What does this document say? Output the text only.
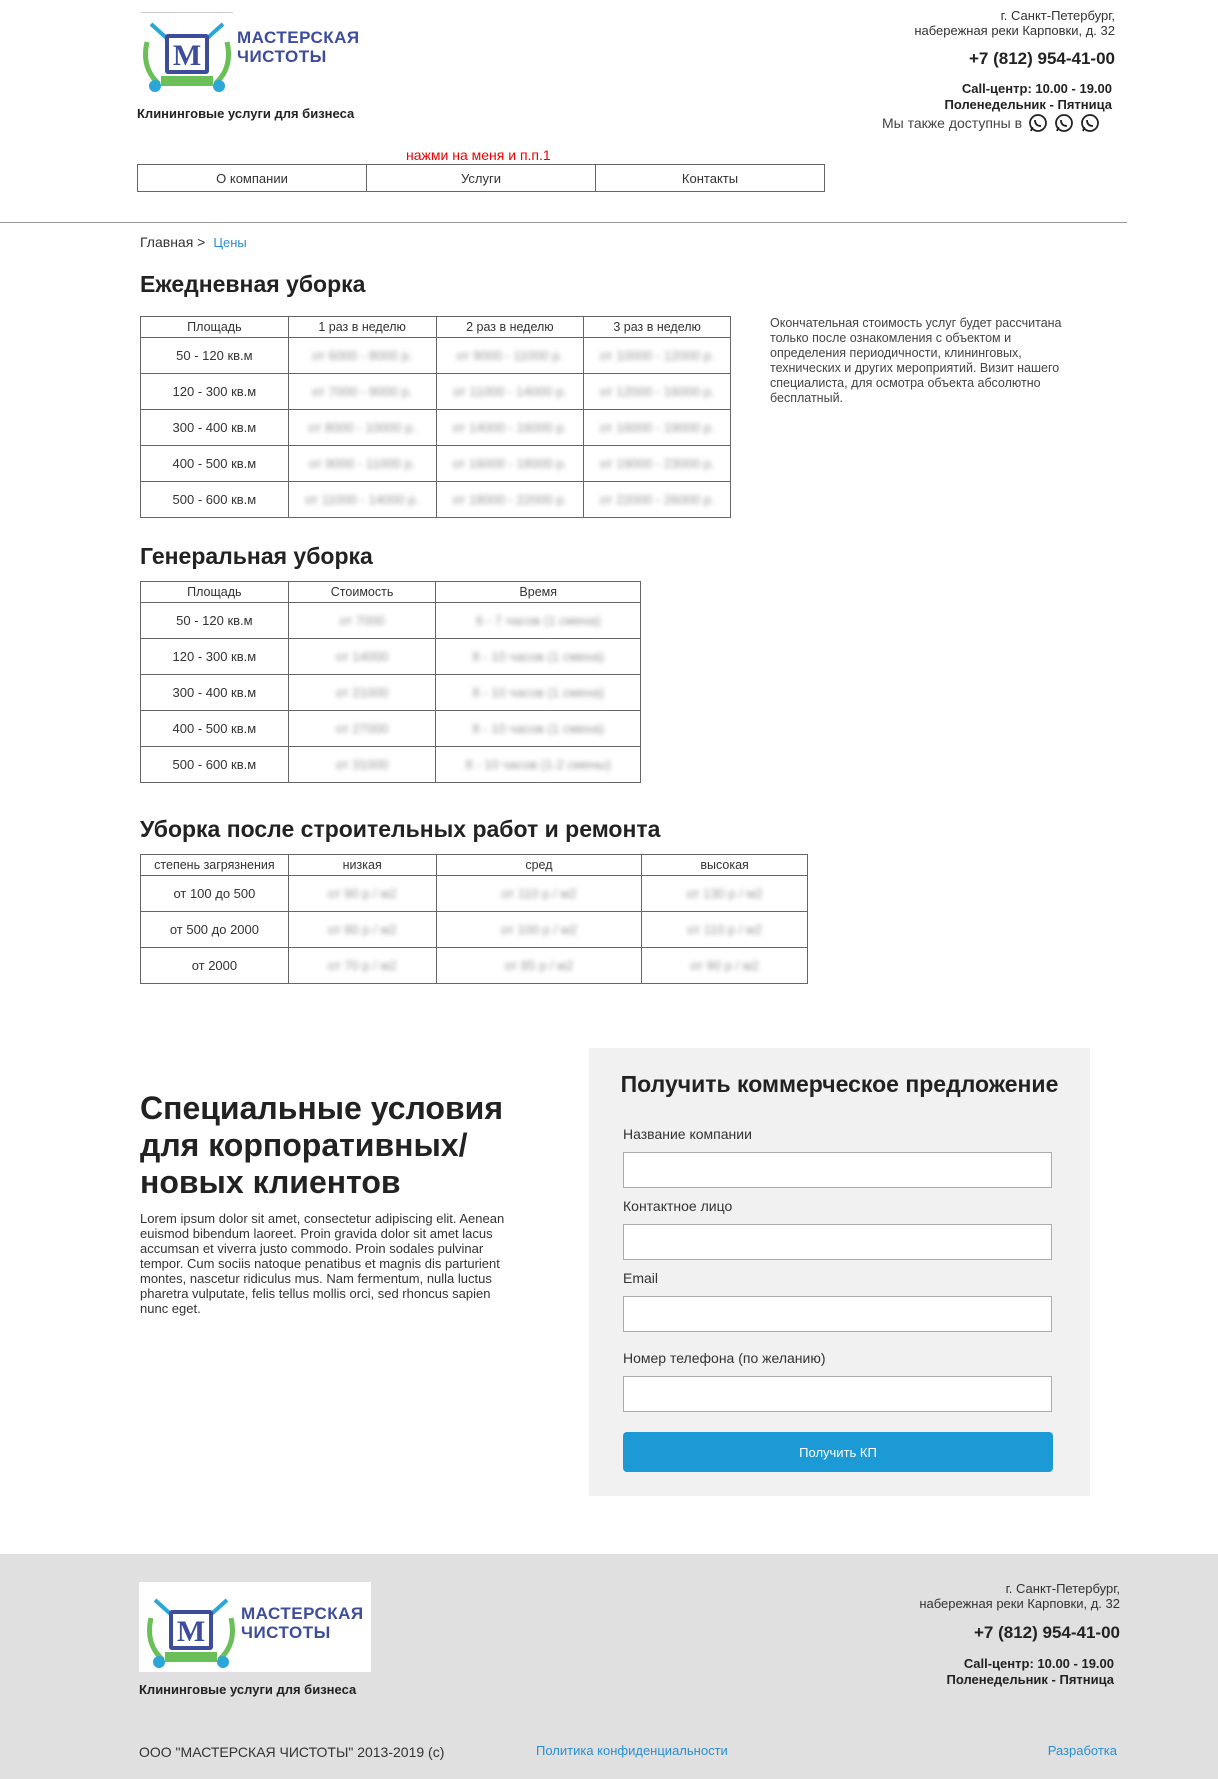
M
МАСТЕРСКАЯ
ЧИСТОТЫ
Клининговые услуги для бизнеса
г. Санкт-Петербург,
набережная реки Карповки, д. 32
+7 (812) 954-41-00
Call-центр: 10.00 - 19.00
Поленедельник - Пятница
Мы также доступны в
нажми на меня и п.п.1
О компании	Услуги	Контакты
Главная > Цены
Ежедневная уборка
Площадь	1 раз в неделю	2 раз в неделю	3 раз в неделю
50 - 120 кв.м	от 6000 - 8000 р.	от 9000 - 11000 р.	от 10000 - 12000 р.
120 - 300 кв.м	от 7000 - 9000 р.	от 11000 - 14000 р.	от 12000 - 16000 р.
300 - 400 кв.м	от 8000 - 10000 р.	от 14000 - 16000 р.	от 16000 - 19000 р.
400 - 500 кв.м	от 9000 - 11000 р.	от 16000 - 18000 р.	от 19000 - 23000 р.
500 - 600 кв.м	от 11000 - 14000 р.	от 18000 - 22000 р.	от 22000 - 26000 р.
Окончательная стоимость услуг будет рассчитана только после ознакомления с объектом и определения периодичности, клининговых, технических и других мероприятий. Визит нашего специалиста, для осмотра объекта абсолютно бесплатный.
Генеральная уборка
Площадь	Стоимость	Время
50 - 120 кв.м	от 7000	6 - 7 часов (1 смена)
120 - 300 кв.м	от 14000	8 - 10 часов (1 смена)
300 - 400 кв.м	от 21000	8 - 10 часов (1 смена)
400 - 500 кв.м	от 27000	8 - 10 часов (1 смена)
500 - 600 кв.м	от 31000	8 - 10 часов (1-2 смены)
Уборка после строительных работ и ремонта
степень загрязнения	низкая	сред	высокая
от 100 до 500	от 90 р / м2	от 110 р / м2	от 130 р / м2
от 500 до 2000	от 80 р / м2	от 100 р / м2	от 110 р / м2
от 2000	от 70 р / м2	от 85 р / м2	от 90 р / м2
Специальные условия для корпоративных/ новых клиентов
Lorem ipsum dolor sit amet, consectetur adipiscing elit. Aenean euismod bibendum laoreet. Proin gravida dolor sit amet lacus accumsan et viverra justo commodo. Proin sodales pulvinar tempor. Cum sociis natoque penatibus et magnis dis parturient montes, nascetur ridiculus mus. Nam fermentum, nulla luctus pharetra vulputate, felis tellus mollis orci, sed rhoncus sapien nunc eget.
Получить коммерческое предложение
Название компании
Контактное лицо
Email
Номер телефона (по желанию)
Получить КП
M
МАСТЕРСКАЯ
ЧИСТОТЫ
Клининговые услуги для бизнеса
г. Санкт-Петербург,
набережная реки Карповки, д. 32
+7 (812) 954-41-00
Call-центр: 10.00 - 19.00
Поленедельник - Пятница
ООО "МАСТЕРСКАЯ ЧИСТОТЫ" 2013-2019 (c)	Политика конфиденциальности	Разработка
